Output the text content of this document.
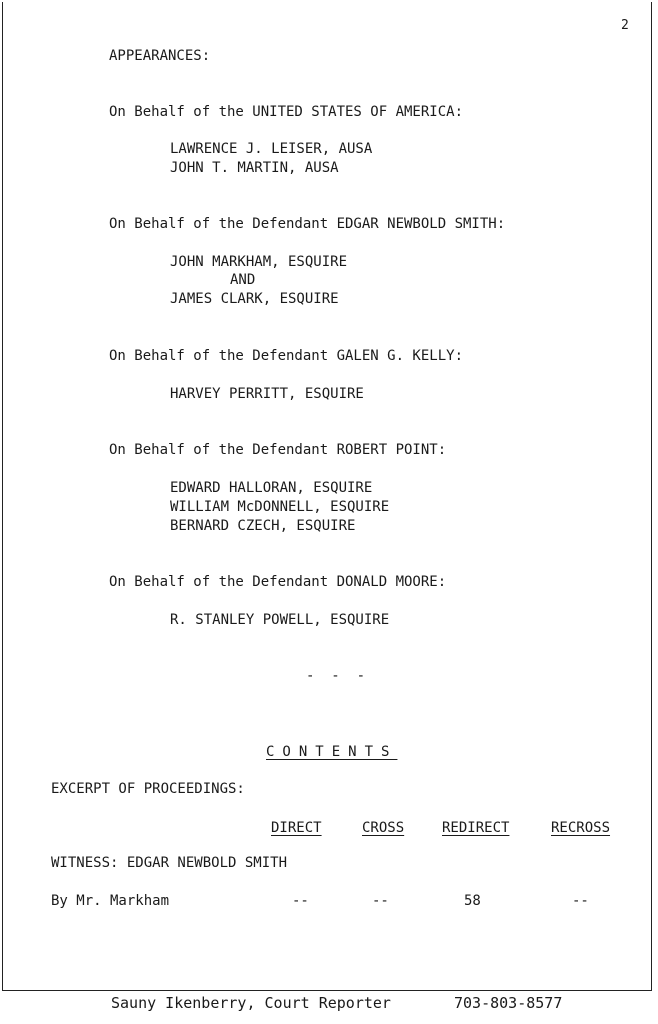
2
APPEARANCES:
On Behalf of the UNITED STATES OF AMERICA:
LAWRENCE J. LEISER, AUSA
JOHN T. MARTIN, AUSA
On Behalf of the Defendant EDGAR NEWBOLD SMITH:
JOHN MARKHAM, ESQUIRE
AND
JAMES CLARK, ESQUIRE
On Behalf of the Defendant GALEN G. KELLY:
HARVEY PERRITT, ESQUIRE
On Behalf of the Defendant ROBERT POINT:
EDWARD HALLORAN, ESQUIRE
WILLIAM McDONNELL, ESQUIRE
BERNARD CZECH, ESQUIRE
On Behalf of the Defendant DONALD MOORE:
R. STANLEY POWELL, ESQUIRE
-  -  -
CONTENTS
EXCERPT OF PROCEEDINGS:
DIRECT	CROSS	REDIRECT	RECROSS
WITNESS: EDGAR NEWBOLD SMITH
By Mr. Markham	--	--	58	--
Sauny Ikenberry, Court Reporter	703-803-8577
